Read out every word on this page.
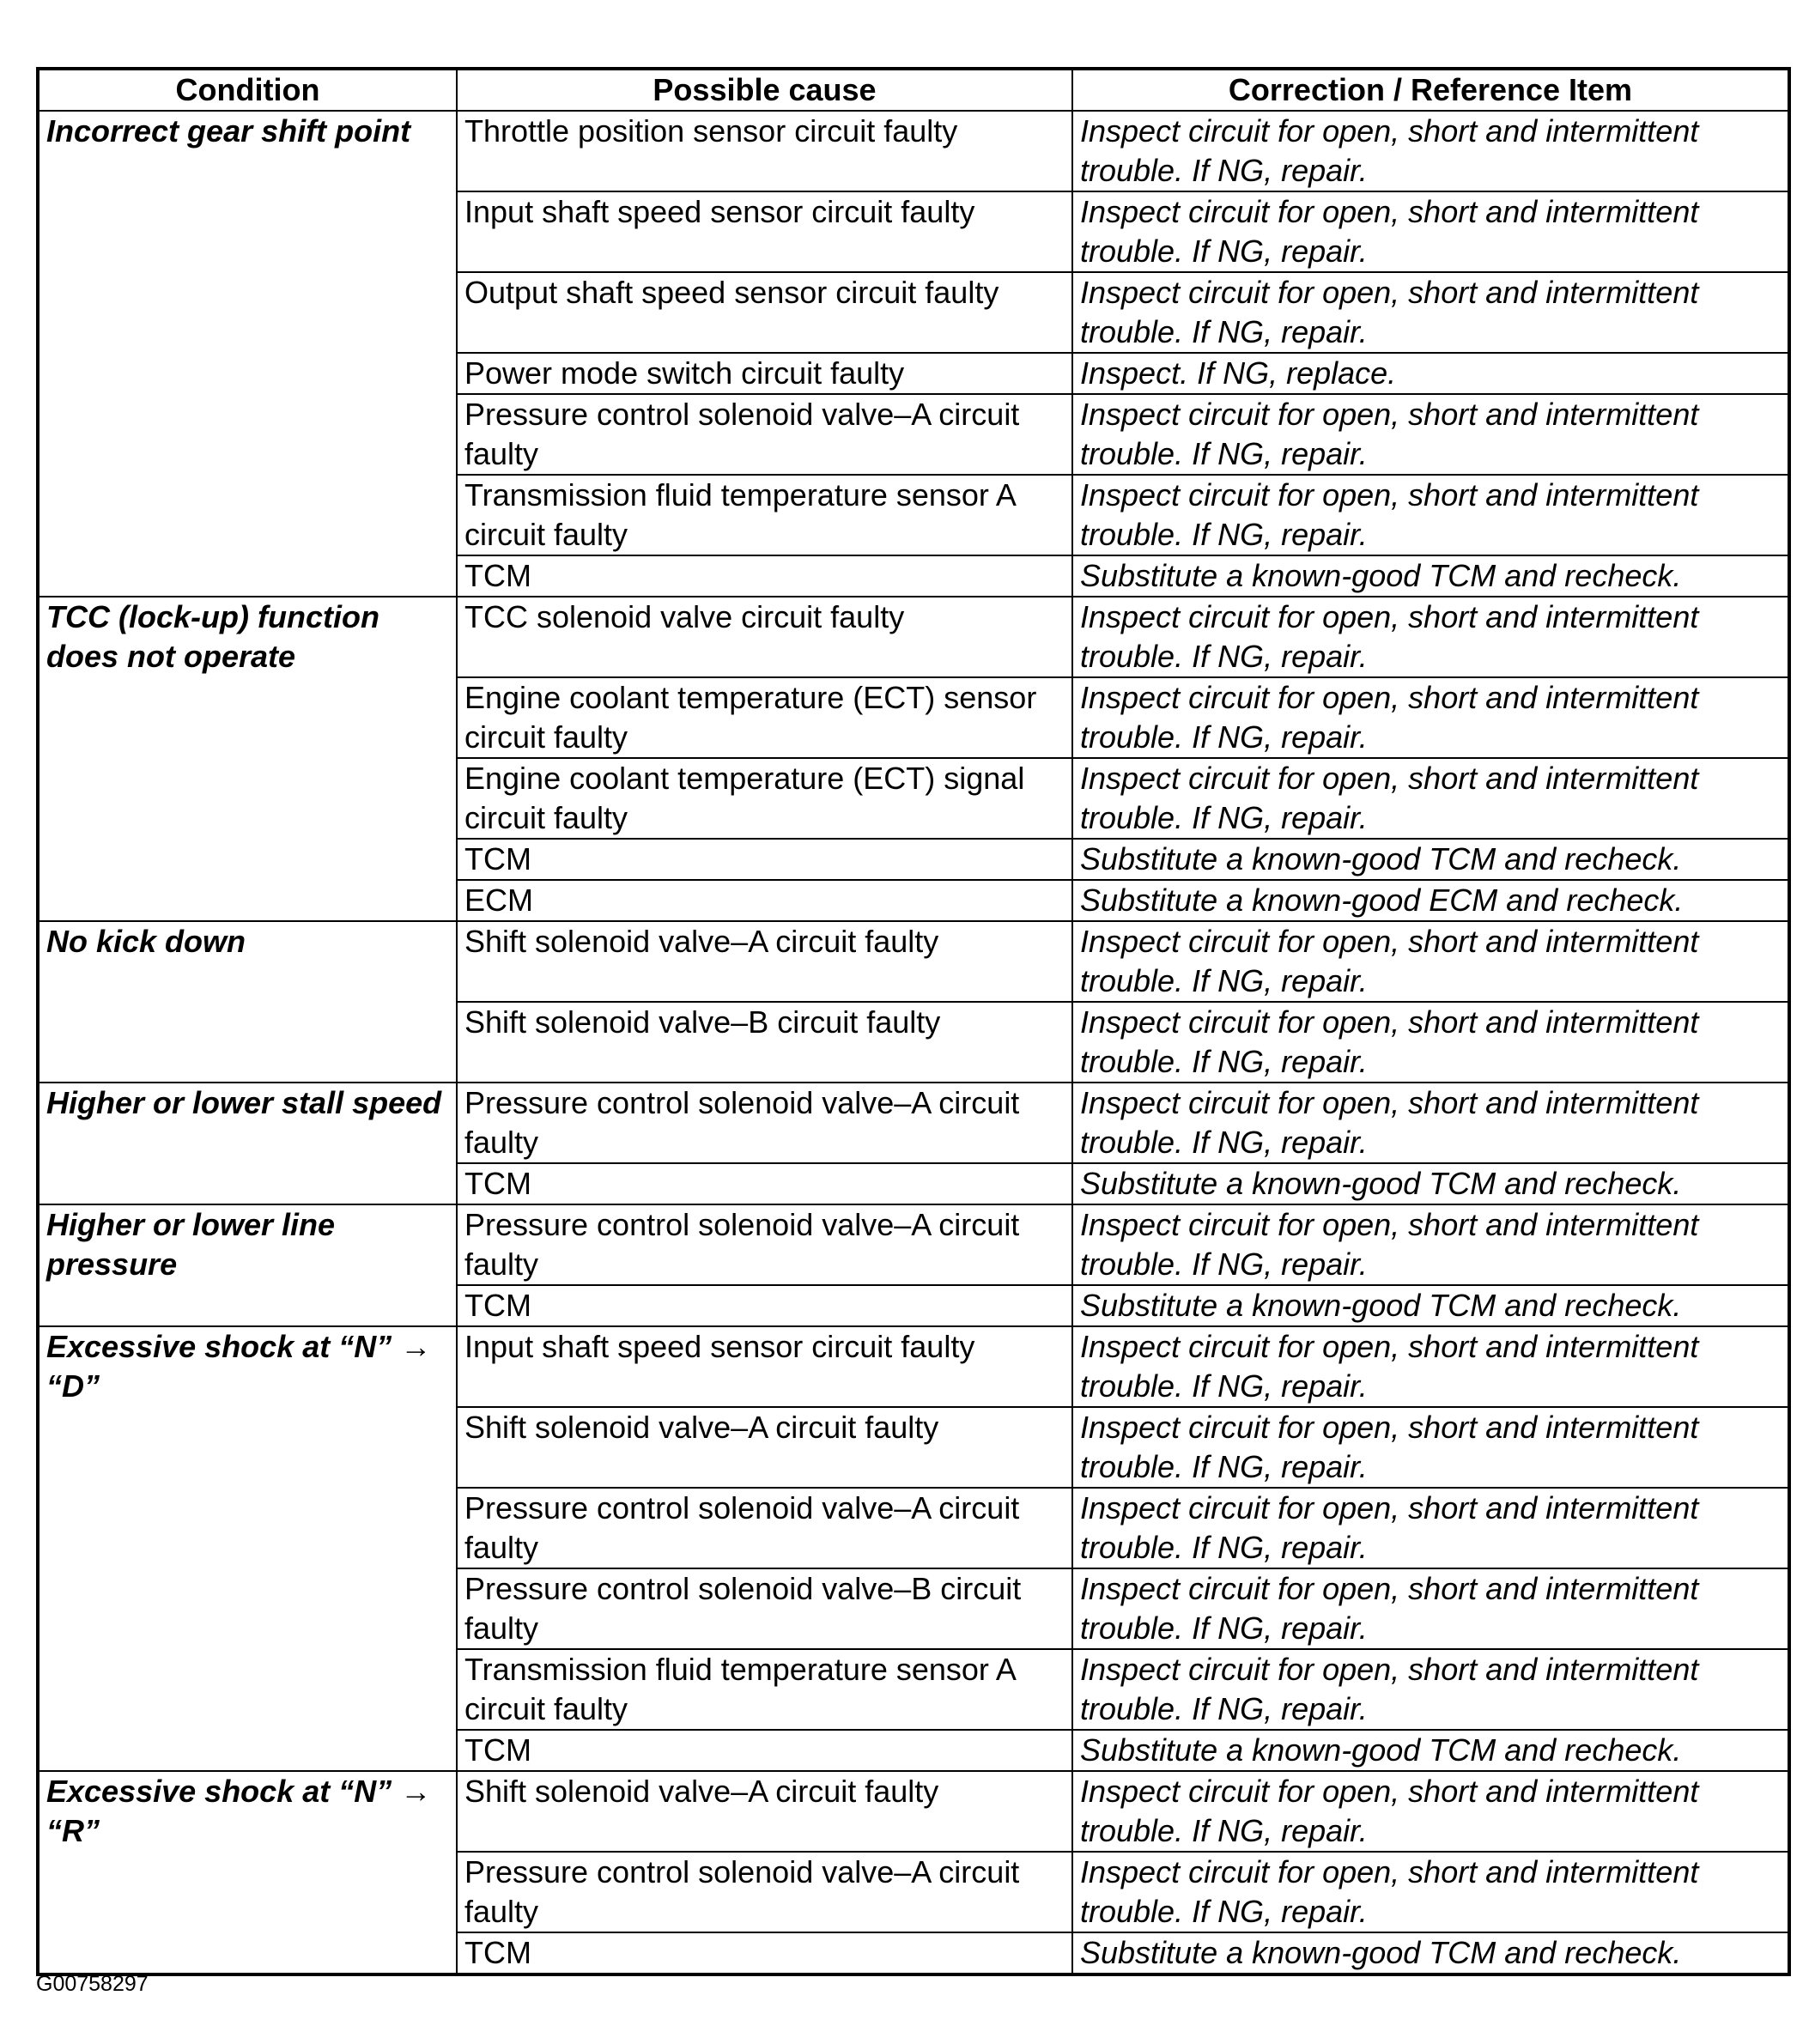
Condition	Possible cause	Correction / Reference Item
Incorrect gear shift point	Throttle position sensor circuit faulty	Inspect circuit for open, short and intermittent trouble. If NG, repair.
	Input shaft speed sensor circuit faulty	Inspect circuit for open, short and intermittent trouble. If NG, repair.
	Output shaft speed sensor circuit faulty	Inspect circuit for open, short and intermittent trouble. If NG, repair.
	Power mode switch circuit faulty	Inspect. If NG, replace.
	Pressure control solenoid valve–A circuit faulty	Inspect circuit for open, short and intermittent trouble. If NG, repair.
	Transmission fluid temperature sensor A circuit faulty	Inspect circuit for open, short and intermittent trouble. If NG, repair.
	TCM	Substitute a known-good TCM and recheck.
TCC (lock-up) function does not operate	TCC solenoid valve circuit faulty	Inspect circuit for open, short and intermittent trouble. If NG, repair.
	Engine coolant temperature (ECT) sensor circuit faulty	Inspect circuit for open, short and intermittent trouble. If NG, repair.
	Engine coolant temperature (ECT) signal circuit faulty	Inspect circuit for open, short and intermittent trouble. If NG, repair.
	TCM	Substitute a known-good TCM and recheck.
	ECM	Substitute a known-good ECM and recheck.
No kick down	Shift solenoid valve–A circuit faulty	Inspect circuit for open, short and intermittent trouble. If NG, repair.
	Shift solenoid valve–B circuit faulty	Inspect circuit for open, short and intermittent trouble. If NG, repair.
Higher or lower stall speed	Pressure control solenoid valve–A circuit faulty	Inspect circuit for open, short and intermittent trouble. If NG, repair.
	TCM	Substitute a known-good TCM and recheck.
Higher or lower line pressure	Pressure control solenoid valve–A circuit faulty	Inspect circuit for open, short and intermittent trouble. If NG, repair.
	TCM	Substitute a known-good TCM and recheck.
Excessive shock at “N” → “D”	Input shaft speed sensor circuit faulty	Inspect circuit for open, short and intermittent trouble. If NG, repair.
	Shift solenoid valve–A circuit faulty	Inspect circuit for open, short and intermittent trouble. If NG, repair.
	Pressure control solenoid valve–A circuit faulty	Inspect circuit for open, short and intermittent trouble. If NG, repair.
	Pressure control solenoid valve–B circuit faulty	Inspect circuit for open, short and intermittent trouble. If NG, repair.
	Transmission fluid temperature sensor A circuit faulty	Inspect circuit for open, short and intermittent trouble. If NG, repair.
	TCM	Substitute a known-good TCM and recheck.
Excessive shock at “N” → “R”	Shift solenoid valve–A circuit faulty	Inspect circuit for open, short and intermittent trouble. If NG, repair.
	Pressure control solenoid valve–A circuit faulty	Inspect circuit for open, short and intermittent trouble. If NG, repair.
	TCM	Substitute a known-good TCM and recheck.
G00758297
